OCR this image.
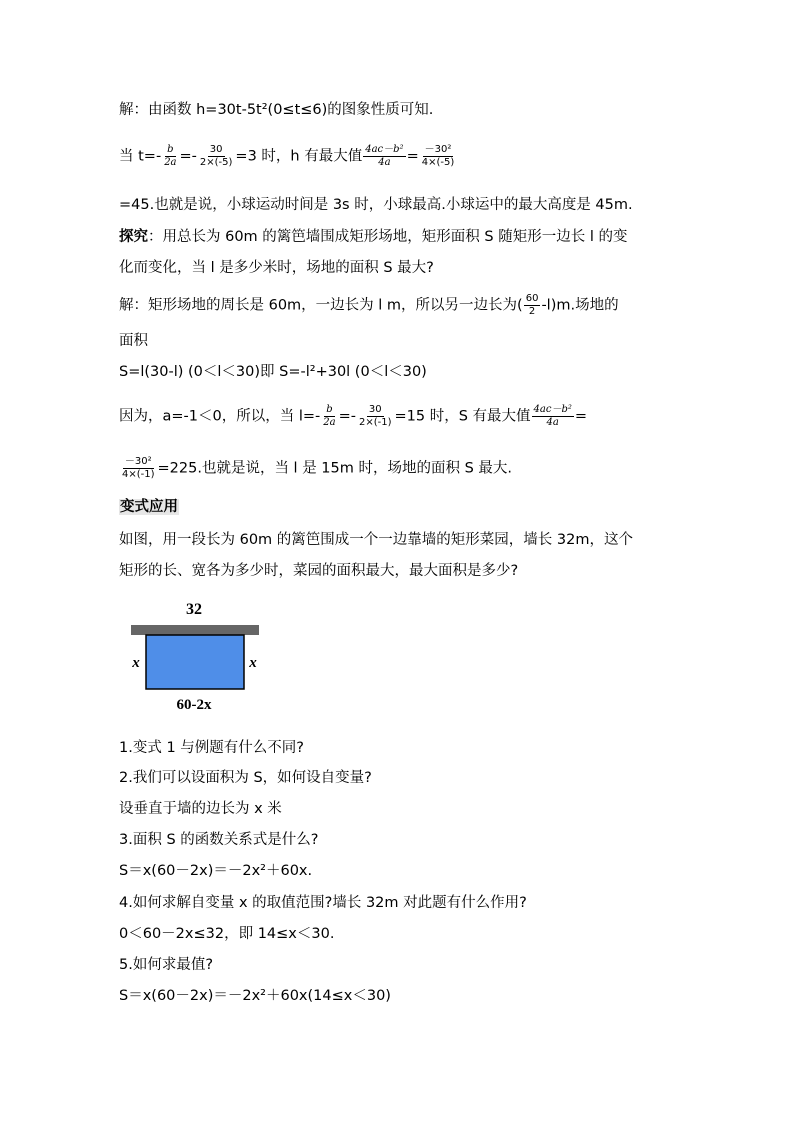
解：由函数 h=30t-5t²(0≤t≤6)的图象性质可知.
当 $t=- \frac{b}{2a} =- \frac{30}{2\times(-5)} =3$ 时，h 有最大值 $\frac{\text{4ac－b²}}{4a} = \frac{\text{－30²}}{4\times(-5)}$
=45.也就是说，小球运动时间是 3s 时，小球最高.小球运中的最大高度是 45m.
探究：用总长为 60m 的篱笆墙围成矩形场地，矩形面积 S 随矩形一边长 l 的变
化而变化，当 l 是多少米时，场地的面积 S 最大?
解：矩形场地的周长是 60m，一边长为 l m，所以另一边长为( $\frac{60}{2} -l)m$.场地的
面积
S=l(30-l) (0＜l＜30)即 S=-l²+30l (0＜l＜30)
因为，a=-1＜0，所以，当 $l=- \frac{b}{2a} =- \frac{30}{2\times(-1)} =15$ 时，S 有最大值 $\frac{\text{4ac－b²}}{4a}$ =
$\frac{\text{－30²}}{4\times(-1)} =225$.也就是说，当 l 是 15m 时，场地的面积 S 最大.
变式应用
如图，用一段长为 60m 的篱笆围成一个一边靠墙的矩形菜园，墙长 32m，这个
矩形的长、宽各为多少时，菜园的面积最大，最大面积是多少?
32
x	x
60-2x
1.变式 1 与例题有什么不同?
2.我们可以设面积为 S，如何设自变量?
设垂直于墙的边长为 x 米
3.面积 S 的函数关系式是什么?
S＝x(60－2x)＝－2x²＋60x.
4.如何求解自变量 x 的取值范围?墙长 32m 对此题有什么作用?
0＜60－2x≤32，即 14≤x＜30.
5.如何求最值?
S＝x(60－2x)＝－2x²＋60x(14≤x＜30)
